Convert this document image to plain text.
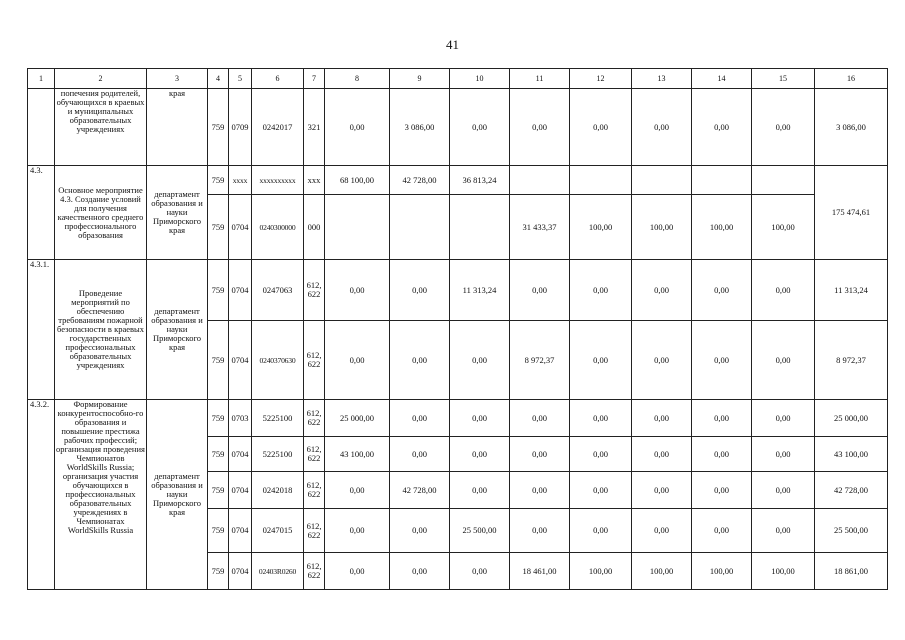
41
1	2	3	4	5	6	7	8	9	10	11	12	13	14	15	16
	попечения родителей, обучающихся в краевых и муниципальных образовательных учреждениях	края	759	0709	0242017	321	0,00	3 086,00	0,00	0,00	0,00	0,00	0,00	0,00	3 086,00
4.3.	Основное мероприятие 4.3. Создание условий для получения качественного среднего профессионального образования	департамент образования и науки Приморского края	759	xxxx	xxxxxxxxxx	xxx	68 100,00	42 728,00	36 813,24						175 474,61
			759	0704	0240300000	000				31 433,37	100,00	100,00	100,00	100,00	
4.3.1.	Проведение мероприятий по обеспечению требованиям пожарной безопасности в краевых государственных профессиональных образовательных учреждениях	департамент образования и науки Приморского края	759	0704	0247063	612, 622	0,00	0,00	11 313,24	0,00	0,00	0,00	0,00	0,00	11 313,24
			759	0704	0240370630	612, 622	0,00	0,00	0,00	8 972,37	0,00	0,00	0,00	0,00	8 972,37
4.3.2.	Формирование конкурентоспособно-го образования и повышение престижа рабочих профессий; организация проведения Чемпионатов WorldSkills Russia; организация участия обучающихся в профессиональных образовательных учреждениях в Чемпионатах WorldSkills Russia	департамент образования и науки Приморского края	759	0703	5225100	612, 622	25 000,00	0,00	0,00	0,00	0,00	0,00	0,00	0,00	25 000,00
			759	0704	5225100	612, 622	43 100,00	0,00	0,00	0,00	0,00	0,00	0,00	0,00	43 100,00
			759	0704	0242018	612, 622	0,00	42 728,00	0,00	0,00	0,00	0,00	0,00	0,00	42 728,00
			759	0704	0247015	612, 622	0,00	0,00	25 500,00	0,00	0,00	0,00	0,00	0,00	25 500,00
			759	0704	02403R0260	612, 622	0,00	0,00	0,00	18 461,00	100,00	100,00	100,00	100,00	18 861,00
